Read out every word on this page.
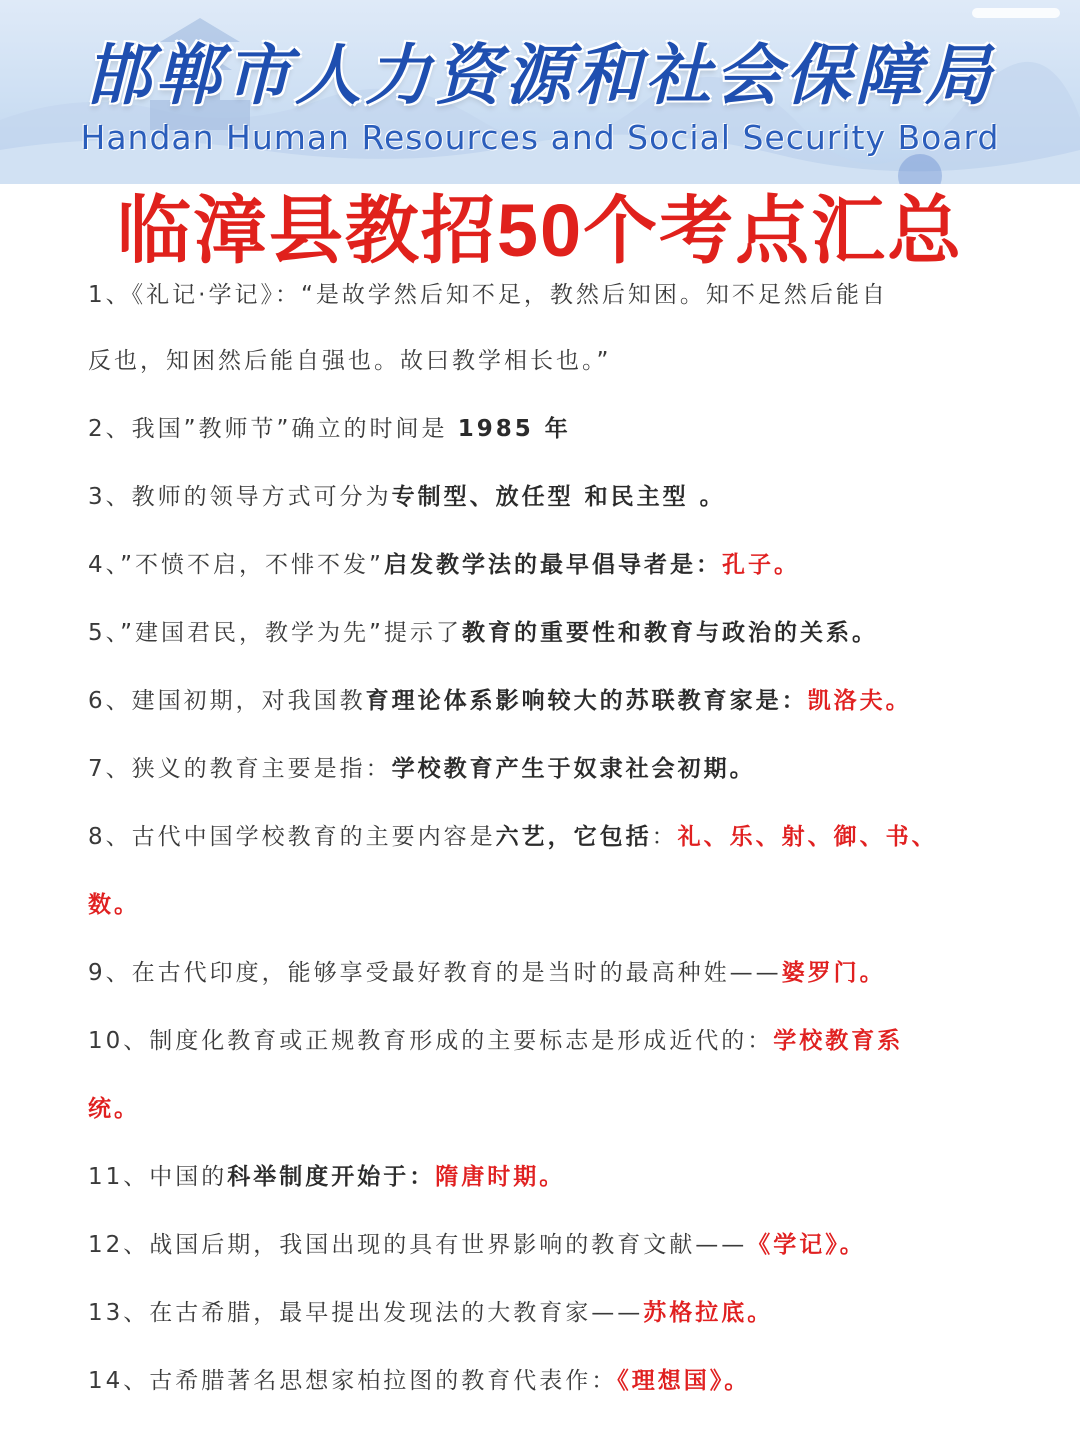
邯郸市人力资源和社会保障局
Handan Human Resources and Social Security Board
临漳县教招50个考点汇总
1、《礼记·学记》：“是故学然后知不足，教然后知困。知不足然后能自
反也，知困然后能自强也。故曰教学相长也。”
2、我国”教师节”确立的时间是 1985 年
3、教师的领导方式可分为专制型、放任型 和民主型 。
4、”不愤不启，不悱不发”启发教学法的最早倡导者是：孔子。
5、”建国君民，教学为先”提示了教育的重要性和教育与政治的关系。
6、建国初期，对我国教育理论体系影响较大的苏联教育家是：凯洛夫。
7、狭义的教育主要是指：学校教育产生于奴隶社会初期。
8、古代中国学校教育的主要内容是六艺，它包括：礼、乐、射、御、书、
数。
9、在古代印度，能够享受最好教育的是当时的最高种姓——婆罗门。
10、制度化教育或正规教育形成的主要标志是形成近代的：学校教育系
统。
11、中国的科举制度开始于：隋唐时期。
12、战国后期，我国出现的具有世界影响的教育文献——《学记》。
13、在古希腊，最早提出发现法的大教育家——苏格拉底。
14、古希腊著名思想家柏拉图的教育代表作：《理想国》。
